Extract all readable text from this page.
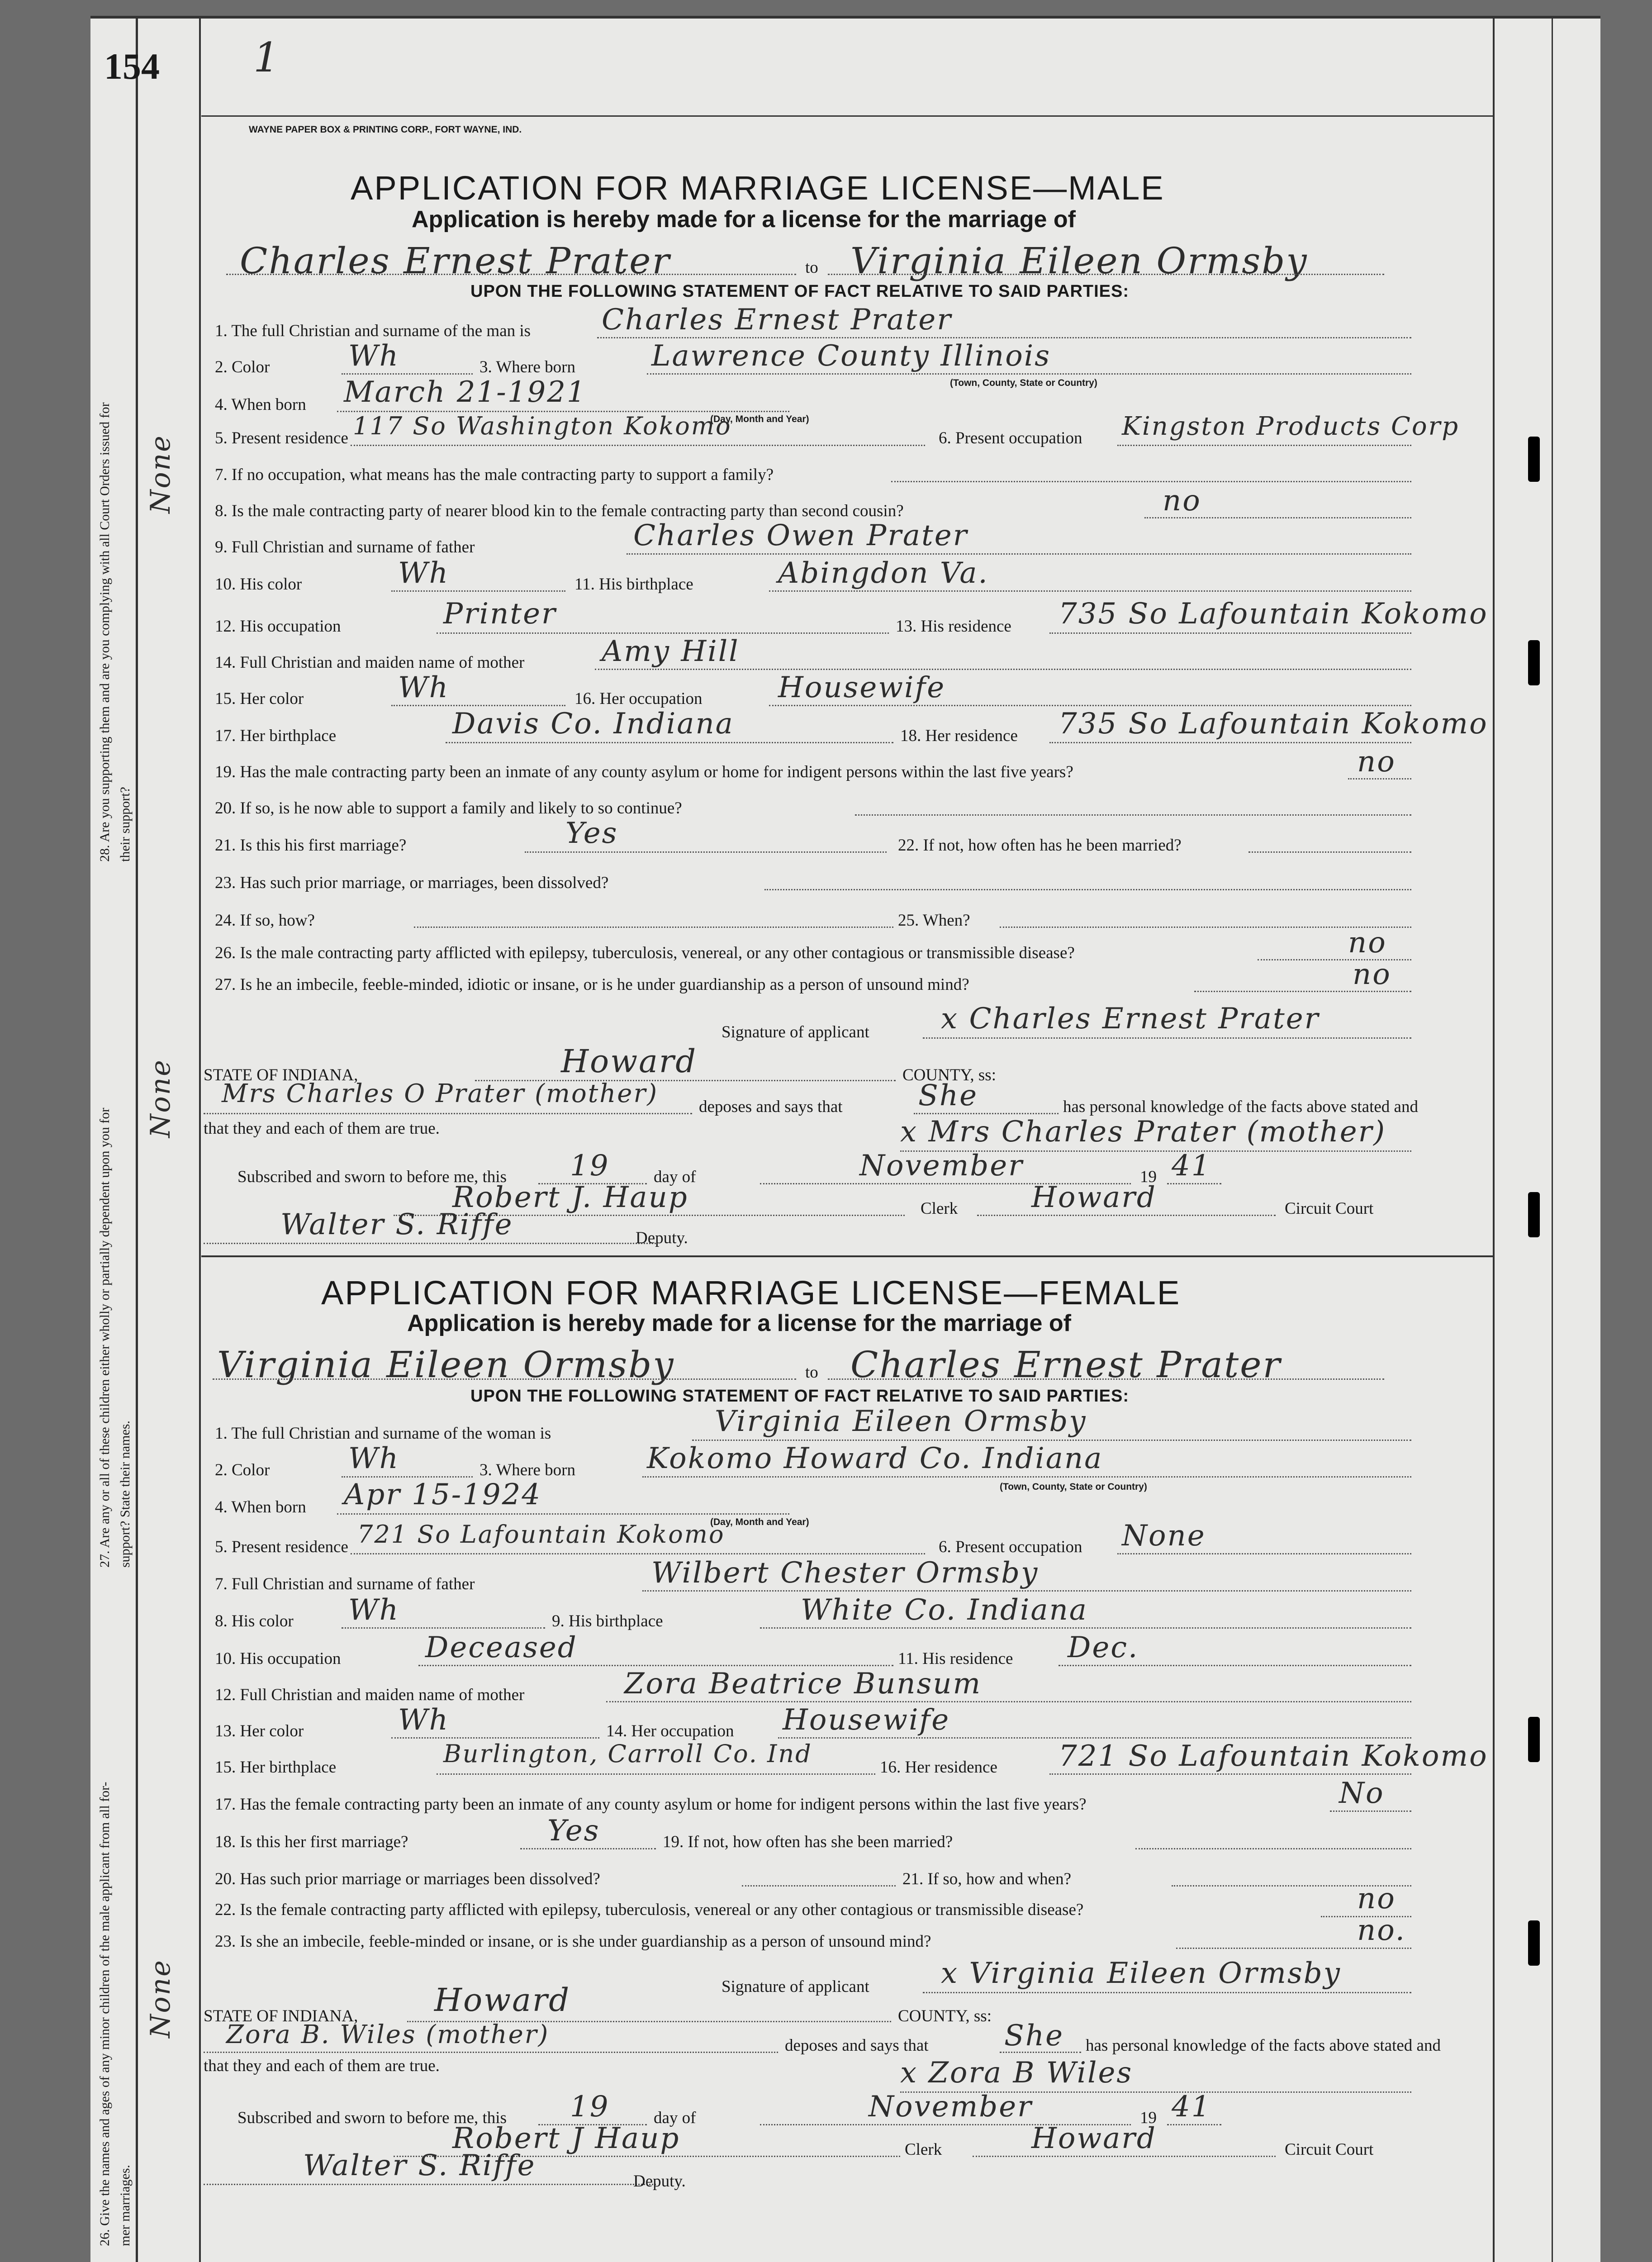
154 1
WAYNE PAPER BOX & PRINTING CORP., FORT WAYNE, IND.
26. Give the names and ages of any minor children of the male applicant from all for- mer marriages.
27. Are any or all of these children either wholly or partially dependent upon you for support? State their names.
28. Are you supporting them and are you complying with all Court Orders issued for their support?
None
None
None
APPLICATION FOR MARRIAGE LICENSE—MALE
Application is hereby made for a license for the marriage of
Charles Ernest Prater	to Virginia Eileen Ormsby
UPON THE FOLLOWING STATEMENT OF FACT RELATIVE TO SAID PARTIES:
1. The full Christian and surname of the man is Charles Ernest Prater
2. Color	Wh	3. Where born	Lawrence County Illinois
(Town, County, State or Country)
4. When born March 21-1921
(Day, Month and Year)
5. Present residence 117 So Washington Kokomo	6. Present occupation Kingston Products Corp
7. If no occupation, what means has the male contracting party to support a family?
8. Is the male contracting party of nearer blood kin to the female contracting party than second cousin?	no
9. Full Christian and surname of father	Charles Owen Prater
10. His color	Wh	11. His birthplace	Abingdon Va.
12. His occupation	Printer	13. His residence 735 So Lafountain Kokomo
14. Full Christian and maiden name of mother	Amy Hill
15. Her color	Wh	16. Her occupation	Housewife
17. Her birthplace	Davis Co. Indiana	18. Her residence 735 So Lafountain Kokomo
19. Has the male contracting party been an inmate of any county asylum or home for indigent persons within the last five years?	no
20. If so, is he now able to support a family and likely to so continue?
21. Is this his first marriage?	Yes	22. If not, how often has he been married?
23. Has such prior marriage, or marriages, been dissolved?
24. If so, how?	25. When?
26. Is the male contracting party afflicted with epilepsy, tuberculosis, venereal, or any other contagious or transmissible disease?	no
27. Is he an imbecile, feeble-minded, idiotic or insane, or is he under guardianship as a person of unsound mind?	no
Signature of applicant x Charles Ernest Prater
STATE OF INDIANA,	Howard	COUNTY, ss:
Mrs Charles O Prater (mother) deposes and says that	She	has personal knowledge of the facts above stated and
that they and each of them are true.	x Mrs Charles Prater (mother)
Subscribed and sworn to before me, this 19	day of	November	19 41
Robert J. Haup	Clerk	Howard	Circuit Court
Walter S. Riffe	Deputy.
APPLICATION FOR MARRIAGE LICENSE—FEMALE
Application is hereby made for a license for the marriage of
Virginia Eileen Ormsby	to Charles Ernest Prater
UPON THE FOLLOWING STATEMENT OF FACT RELATIVE TO SAID PARTIES:
1. The full Christian and surname of the woman is	Virginia Eileen Ormsby
2. Color	Wh	3. Where born Kokomo Howard Co. Indiana
(Town, County, State or Country)
4. When born Apr 15-1924
(Day, Month and Year)
5. Present residence 721 So Lafountain Kokomo	6. Present occupation None
7. Full Christian and surname of father	Wilbert Chester Ormsby
8. His color Wh	9. His birthplace	White Co. Indiana
10. His occupation	Deceased	11. His residence Dec.
12. Full Christian and maiden name of mother	Zora Beatrice Bunsum
13. Her color	Wh	14. Her occupation Housewife
15. Her birthplace	Burlington, Carroll Co. Ind	16. Her residence 721 So Lafountain Kokomo
17. Has the female contracting party been an inmate of any county asylum or home for indigent persons within the last five years?	No
18. Is this her first marriage?	Yes	19. If not, how often has she been married?
20. Has such prior marriage or marriages been dissolved?	21. If so, how and when?
22. Is the female contracting party afflicted with epilepsy, tuberculosis, venereal or any other contagious or transmissible disease?	no
23. Is she an imbecile, feeble-minded or insane, or is she under guardianship as a person of unsound mind?	no.
Signature of applicant x Virginia Eileen Ormsby
STATE OF INDIANA, Howard	COUNTY, ss:
Zora B. Wiles (mother)	deposes and says that	She has personal knowledge of the facts above stated and
that they and each of them are true.	x Zora B Wiles
Subscribed and sworn to before me, this 19	day of	November	19 41
Robert J Haup	Clerk	Howard	Circuit Court
Walter S. Riffe	Deputy.
